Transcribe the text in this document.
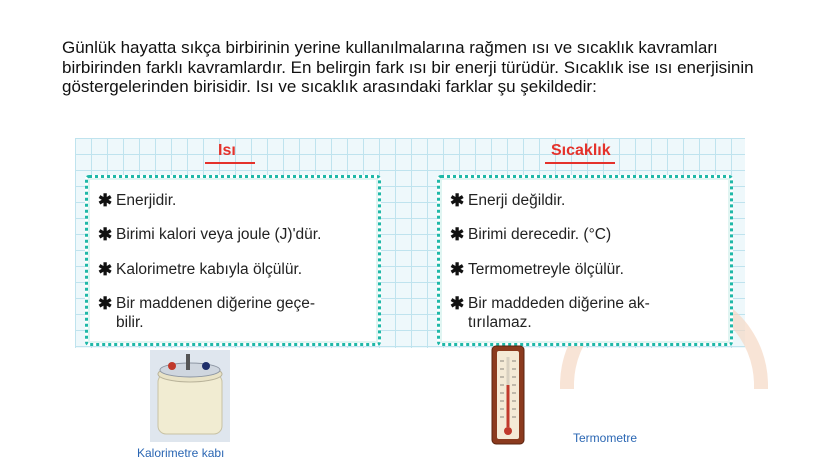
Günlük hayatta sıkça birbirinin yerine kullanılmalarına rağmen ısı ve sıcaklık kavramları birbirinden farklı kavramlardır. En belirgin fark ısı bir enerji türüdür. Sıcaklık ise ısı enerjisinin göstergelerinden birisidir. Isı ve sıcaklık arasındaki farklar şu şekildedir:
Isı	Sıcaklık
✱ Enerjidir.
✱ Birimi kalori veya joule (J)'dür.
✱ Kalorimetre kabıyla ölçülür.
✱ Bir maddenen diğerine geçe-
bilir.
✱ Enerji değildir.
✱ Birimi derecedir. (°C)
✱ Termometreyle ölçülür.
✱ Bir maddeden diğerine ak-
tırılamaz.
Kalorimetre kabı
Termometre
